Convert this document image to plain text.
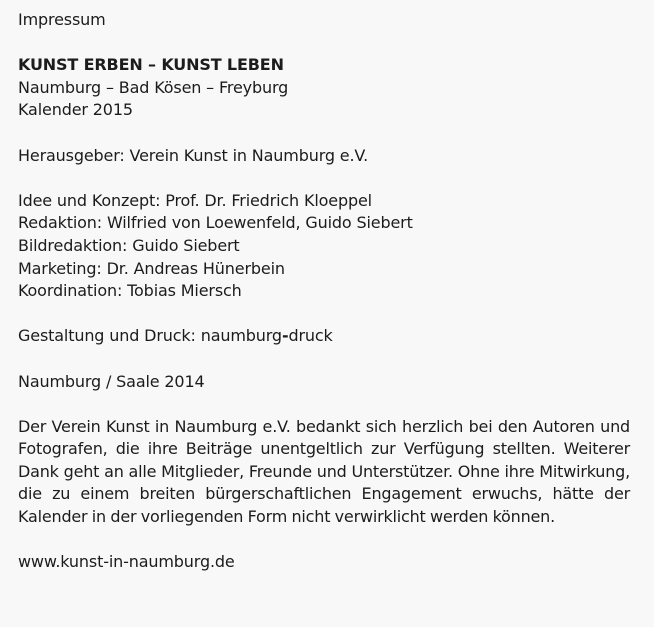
Impressum
KUNST ERBEN – KUNST LEBEN
Naumburg – Bad Kösen – Freyburg
Kalender 2015
Herausgeber: Verein Kunst in Naumburg e.V.
Idee und Konzept: Prof. Dr. Friedrich Kloeppel
Redaktion: Wilfried von Loewenfeld, Guido Siebert
Bildredaktion: Guido Siebert
Marketing: Dr. Andreas Hünerbein
Koordination: Tobias Miersch
Gestaltung und Druck: naumburg-druck
Naumburg / Saale 2014
Der Verein Kunst in Naumburg e.V. bedankt sich herzlich bei den Autoren und Fotografen, die ihre Beiträge unentgeltlich zur Verfügung stellten. Weiterer Dank geht an alle Mitglieder, Freunde und Unterstützer. Ohne ihre Mitwirkung, die zu einem breiten bürgerschaftlichen Engagement erwuchs, hätte der Kalender in der vorliegenden Form nicht verwirklicht werden können.
www.kunst-in-naumburg.de
